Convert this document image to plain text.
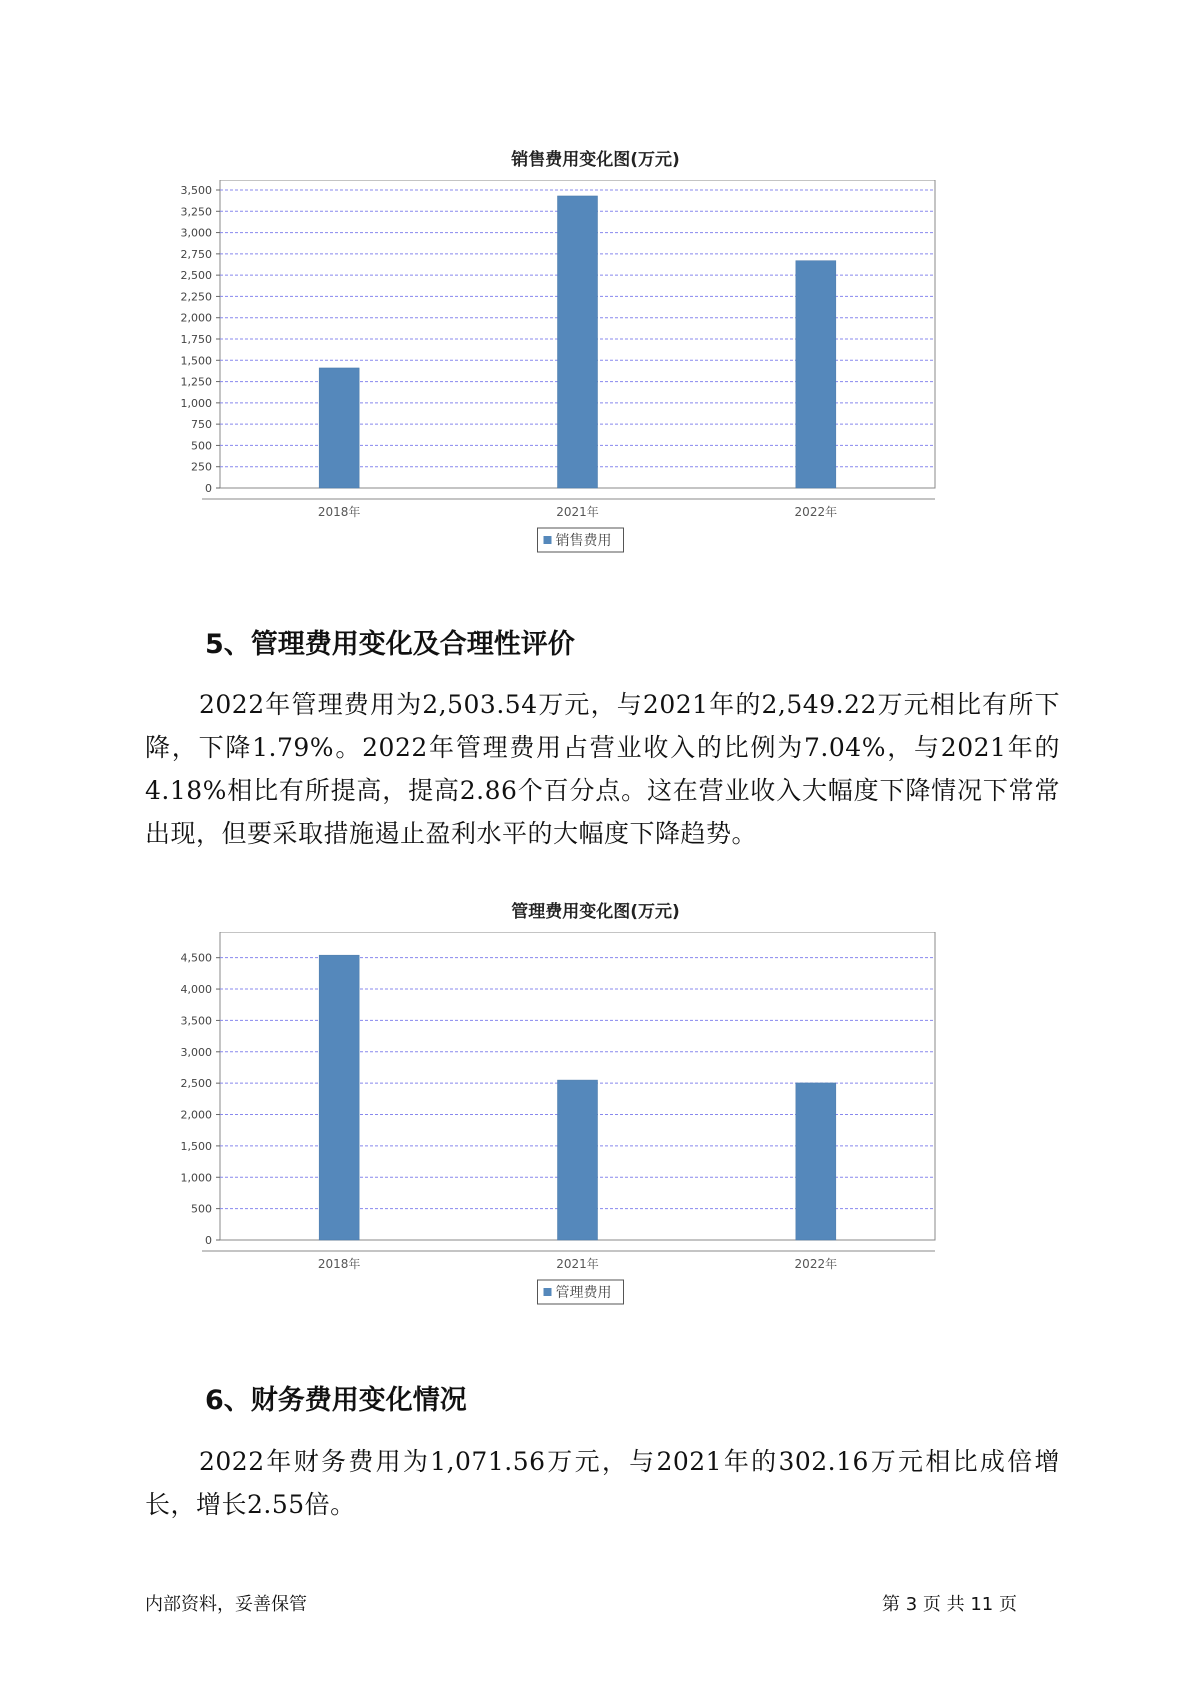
销售费用变化图(万元)
0
250
500
750
1,000
1,250
1,500
1,750
2,000
2,250
2,500
2,750
3,000
3,250
3,500
2018年	2021年	2022年
销售费用
5、管理费用变化及合理性评价

2022年管理费用为2,503.54万元，与2021年的2,549.22万元相比有所下降，下降1.79%。2022年管理费用占营业收入的比例为7.04%，与2021年的4.18%相比有所提高，提高2.86个百分点。这在营业收入大幅度下降情况下常常出现，但要采取措施遏止盈利水平的大幅度下降趋势。

管理费用变化图(万元)
0
500
1,000
1,500
2,000
2,500
3,000
3,500
4,000
4,500
2018年	2021年	2022年
管理费用
6、财务费用变化情况

2022年财务费用为1,071.56万元，与2021年的302.16万元相比成倍增长，增长2.55倍。

内部资料，妥善保管	第 3 页 共 11 页
